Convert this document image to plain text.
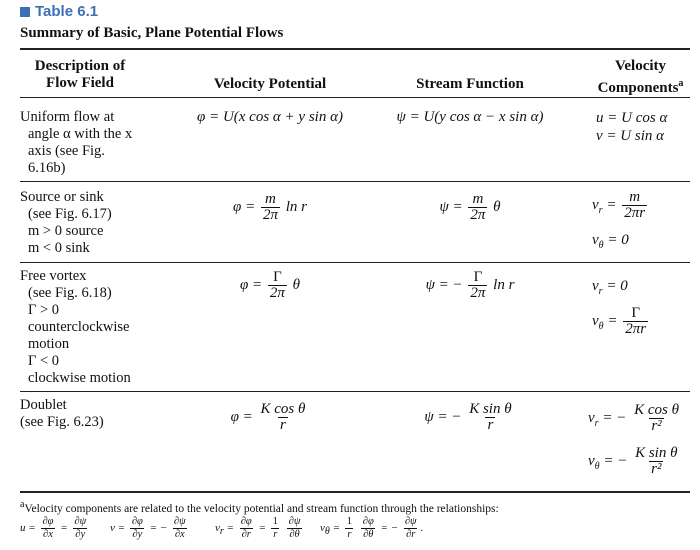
Table 6.1
Summary of Basic, Plane Potential Flows
Description of
Flow Field	Velocity Potential	Stream Function
Velocity
Components$^a$
Uniform flow at
angle α with the x
axis (see Fig.
6.16b)
φ = U(x cos α + y sin α)	ψ = U(y cos α − x sin α)	u = U cos α
v = U sin α
Source or sink
(see Fig. 6.17)
m > 0 source
m < 0 sink
$\varphi = \frac{m}{2\pi}$ ln r	$\psi = \frac{m}{2\pi}$ θ	$v_r = \frac{m}{2\pi r}$
$v_\theta = 0$
Free vortex
(see Fig. 6.18)
Γ > 0
counterclockwise
motion
Γ < 0
clockwise motion
$\varphi = \frac{\Gamma}{2\pi}$ θ	ψ = − $\frac{\Gamma}{2\pi}$ ln r	$v_r = 0$
$v_\theta = \frac{\Gamma}{2\pi r}$
Doublet
(see Fig. 6.23)	$\varphi = \frac{\text{K cos θ}}{r}$	ψ = − $\frac{\text{K sin θ}}{r}$	$v_r$ = − $\frac{\text{K cos θ}}{\text{r²}}$
$v_\theta$ = − $\frac{\text{K sin θ}}{\text{r²}}$
aVelocity components are related to the velocity potential and stream function through the relationships:
$u = \frac{\partial\varphi}{\partial x} = \frac{\partial\psi}{\partial y}$ $v = \frac{\partial\varphi}{\partial y}$ = − $\frac{\partial\psi}{\partial x}$ vr = $\frac{\partial\varphi}{\partial r} = \frac{1}{r}$
$\frac{\partial\psi}{\partial\theta}$ $v\theta = \frac{1}{r}$
$\frac{\partial\varphi}{\partial\theta}$ = − $\frac{\partial\psi}{\partial r}$ .
